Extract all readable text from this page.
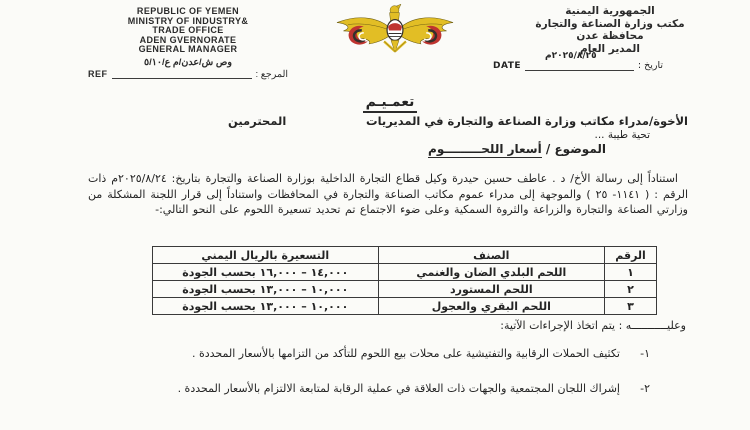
REPUBLIC OF YEMEN
MINISTRY OF INDUSTRY&
TRADE OFFICE
ADEN GVERNORATE
GENERAL MANAGER
وص ش/عدن/م ع/٥/١٠
REF	المرجع :
الجمهورية اليمنية
مكتب وزارة الصناعة والتجارة
محافظة عدن
المدير العام
٢٠٢٥/٨/٢٥م
DATE	تاريخ :
تعمـيـم
الأخوة/مدراء مكاتب وزارة الصناعة والتجارة في المديريات
المحترمين
تحية طيبة ...
الموضوع / أسعار اللحـــــــــوم
استناداً إلى رسالة الأخ/ د . عاطف حسين حيدرة وكيل قطاع التجارة الداخلية بوزارة الصناعة والتجارة بتاريخ: ٢٠٢٥/٨/٢٤م ذات الرقم : ( ١١٤١- ٢٥ ) والموجهة إلى مدراء عموم مكاتب الصناعة والتجارة في المحافظات واستناداً إلى قرار اللجنة المشكلة من وزارتي الصناعة والتجارة والزراعة والثروة السمكية وعلى ضوء الاجتماع تم تحديد تسعيرة اللحوم على النحو التالي:-
الرقم	الصنف	التسعيرة بالريال اليمني
١	اللحم البلدي الضان والغنمي	١٤,٠٠٠ – ١٦,٠٠٠ بحسب الجودة
٢	اللحم المستورد	١٠,٠٠٠ – ١٣,٠٠٠ بحسب الجودة
٣	اللحم البقري والعجول	١٠,٠٠٠ – ١٣,٠٠٠ بحسب الجودة
وعليـــــــــــه : يتم اتخاذ الإجراءات الآتية:
١-
تكثيف الحملات الرقابية والتفتيشية على محلات بيع اللحوم للتأكد من التزامها بالأسعار المحددة .
٢-
إشراك اللجان المجتمعية والجهات ذات العلاقة في عملية الرقابة لمتابعة الالتزام بالأسعار المحددة .
